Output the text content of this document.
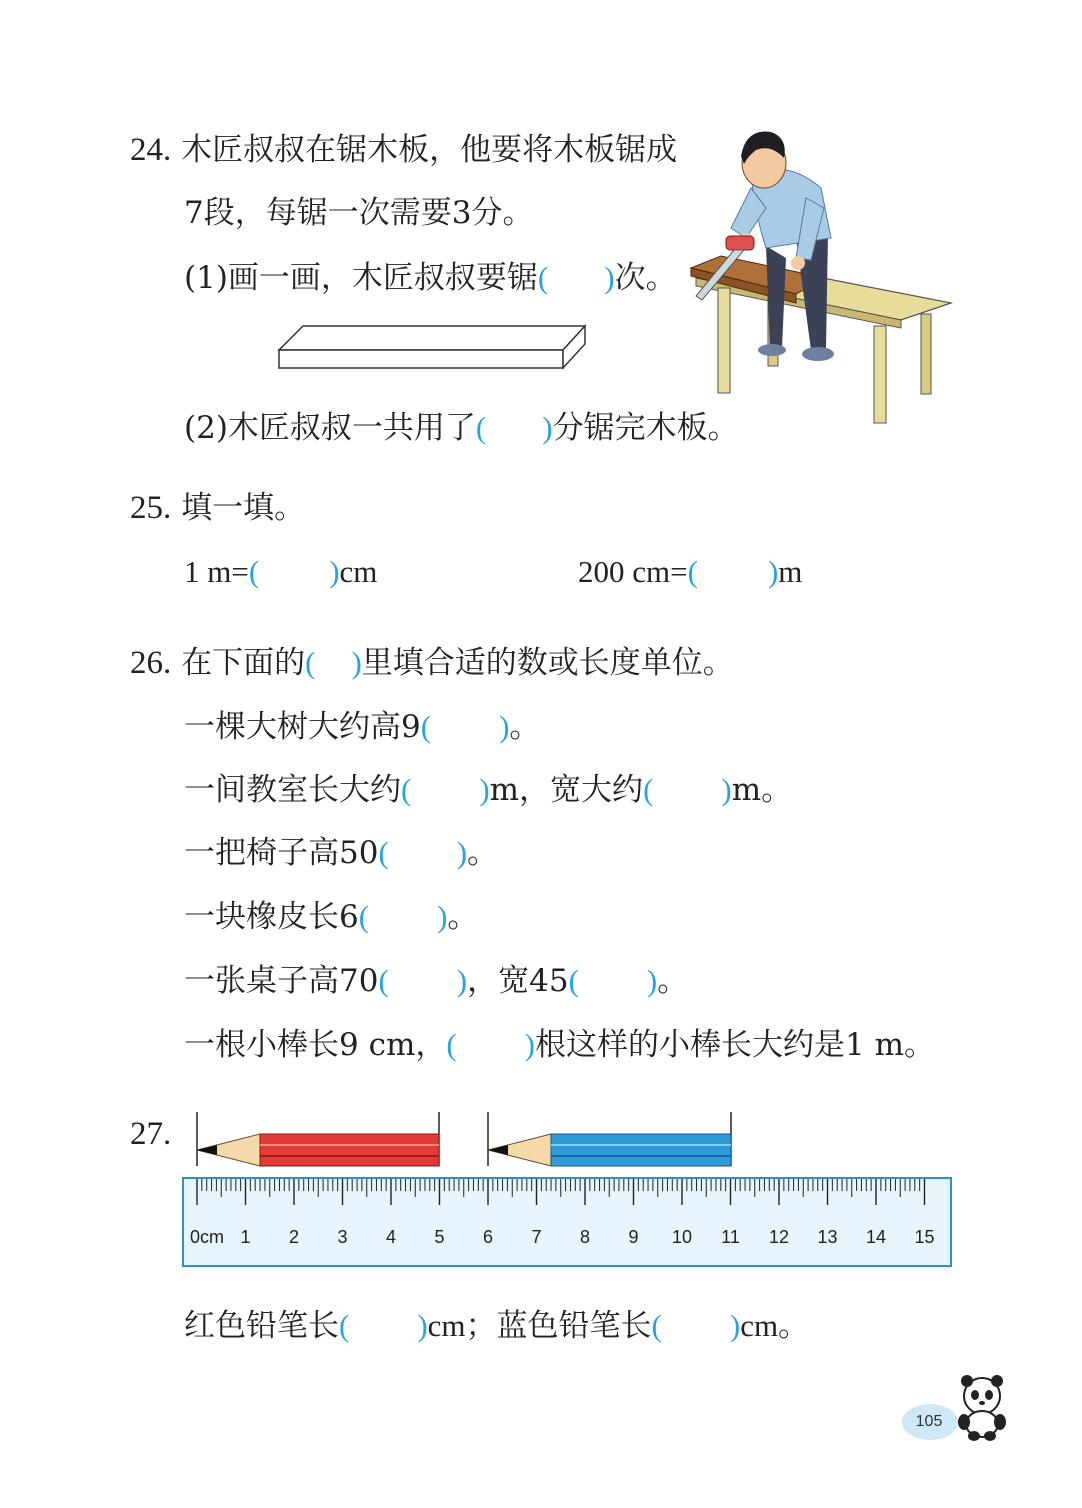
24. 木匠叔叔在锯木板，他要将木板锯成
7段，每锯一次需要3分。
(1)画一画，木匠叔叔要锯( )次。
(2)木匠叔叔一共用了( )分锯完木板。
25. 填一填。
1 m=( )cm	200 cm=( )m
26. 在下面的( )里填合适的数或长度单位。
一棵大树大约高9( )。
一间教室长大约( )m，宽大约( )m。
一把椅子高50( )。
一块橡皮长6( )。
一张桌子高70( )，宽45( )。
一根小棒长9 cm，( )根这样的小棒长大约是1 m。
27.
0cm 1 2 3 4 5 6 7 8 9 10 11 12 13 14 15
红色铅笔长( )cm；蓝色铅笔长( )cm。
105
